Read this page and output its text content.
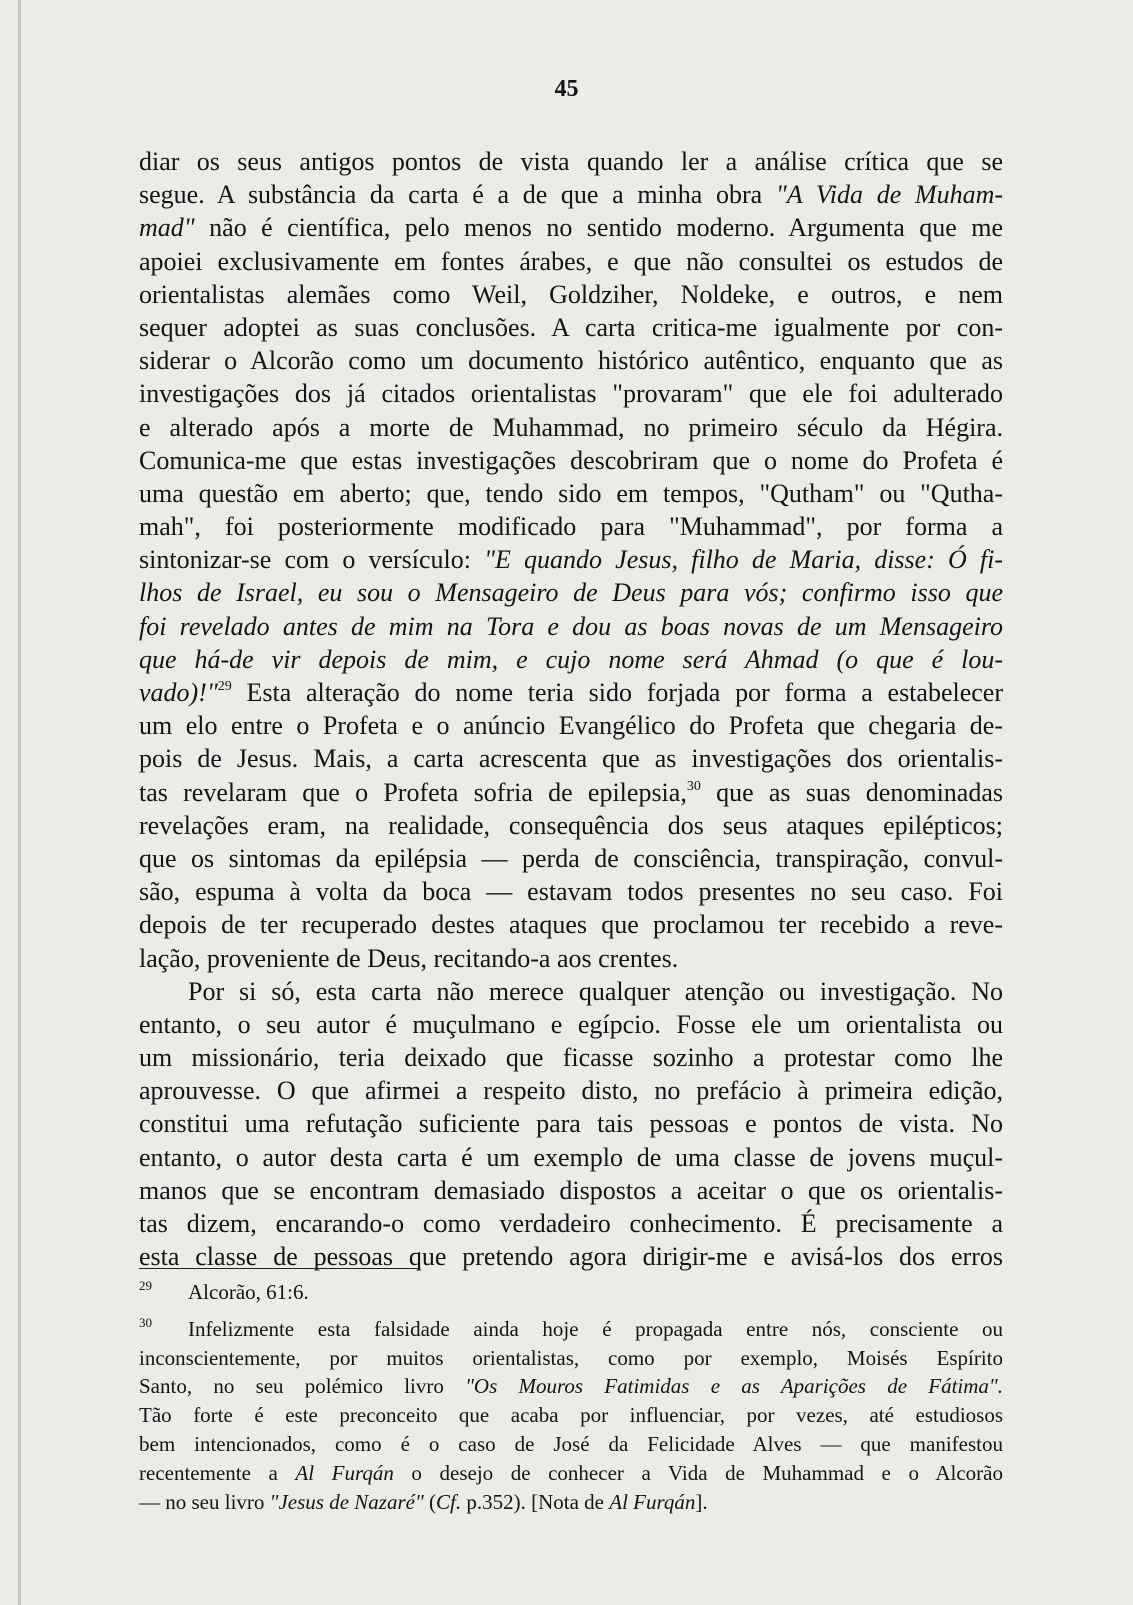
45
diar os seus antigos pontos de vista quando ler a análise crítica que se
segue. A substância da carta é a de que a minha obra "A Vida de Muham-
mad" não é científica, pelo menos no sentido moderno. Argumenta que me
apoiei exclusivamente em fontes árabes, e que não consultei os estudos de
orientalistas alemães como Weil, Goldziher, Noldeke, e outros, e nem
sequer adoptei as suas conclusões. A carta critica-me igualmente por con-
siderar o Alcorão como um documento histórico autêntico, enquanto que as
investigações dos já citados orientalistas "provaram" que ele foi adulterado
e alterado após a morte de Muhammad, no primeiro século da Hégira.
Comunica-me que estas investigações descobriram que o nome do Profeta é
uma questão em aberto; que, tendo sido em tempos, "Qutham" ou "Qutha-
mah", foi posteriormente modificado para "Muhammad", por forma a
sintonizar-se com o versículo: "E quando Jesus, filho de Maria, disse: Ó fi-
lhos de Israel, eu sou o Mensageiro de Deus para vós; confirmo isso que
foi revelado antes de mim na Tora e dou as boas novas de um Mensageiro
que há-de vir depois de mim, e cujo nome será Ahmad (o que é lou-
vado)!"$^{29}$ Esta alteração do nome teria sido forjada por forma a estabelecer
um elo entre o Profeta e o anúncio Evangélico do Profeta que chegaria de-
pois de Jesus. Mais, a carta acrescenta que as investigações dos orientalis-
tas revelaram que o Profeta sofria de epilepsia,$^{30}$ que as suas denominadas
revelações eram, na realidade, consequência dos seus ataques epilépticos;
que os sintomas da epilépsia — perda de consciência, transpiração, convul-
são, espuma à volta da boca — estavam todos presentes no seu caso. Foi
depois de ter recuperado destes ataques que proclamou ter recebido a reve-
lação, proveniente de Deus, recitando-a aos crentes.
Por si só, esta carta não merece qualquer atenção ou investigação. No
entanto, o seu autor é muçulmano e egípcio. Fosse ele um orientalista ou
um missionário, teria deixado que ficasse sozinho a protestar como lhe
aprouvesse. O que afirmei a respeito disto, no prefácio à primeira edição,
constitui uma refutação suficiente para tais pessoas e pontos de vista. No
entanto, o autor desta carta é um exemplo de uma classe de jovens muçul-
manos que se encontram demasiado dispostos a aceitar o que os orientalis-
tas dizem, encarando-o como verdadeiro conhecimento. É precisamente a
esta classe de pessoas que pretendo agora dirigir-me e avisá-los dos erros
29 Alcorão, 61:6.
30 Infelizmente esta falsidade ainda hoje é propagada entre nós, consciente ou
inconscientemente, por muitos orientalistas, como por exemplo, Moisés Espírito
Santo, no seu polémico livro "Os Mouros Fatimidas e as Aparições de Fátima".
Tão forte é este preconceito que acaba por influenciar, por vezes, até estudiosos
bem intencionados, como é o caso de José da Felicidade Alves — que manifestou
recentemente a Al Furqán o desejo de conhecer a Vida de Muhammad e o Alcorão
— no seu livro "Jesus de Nazaré" (Cf. p.352). [Nota de Al Furqán].
